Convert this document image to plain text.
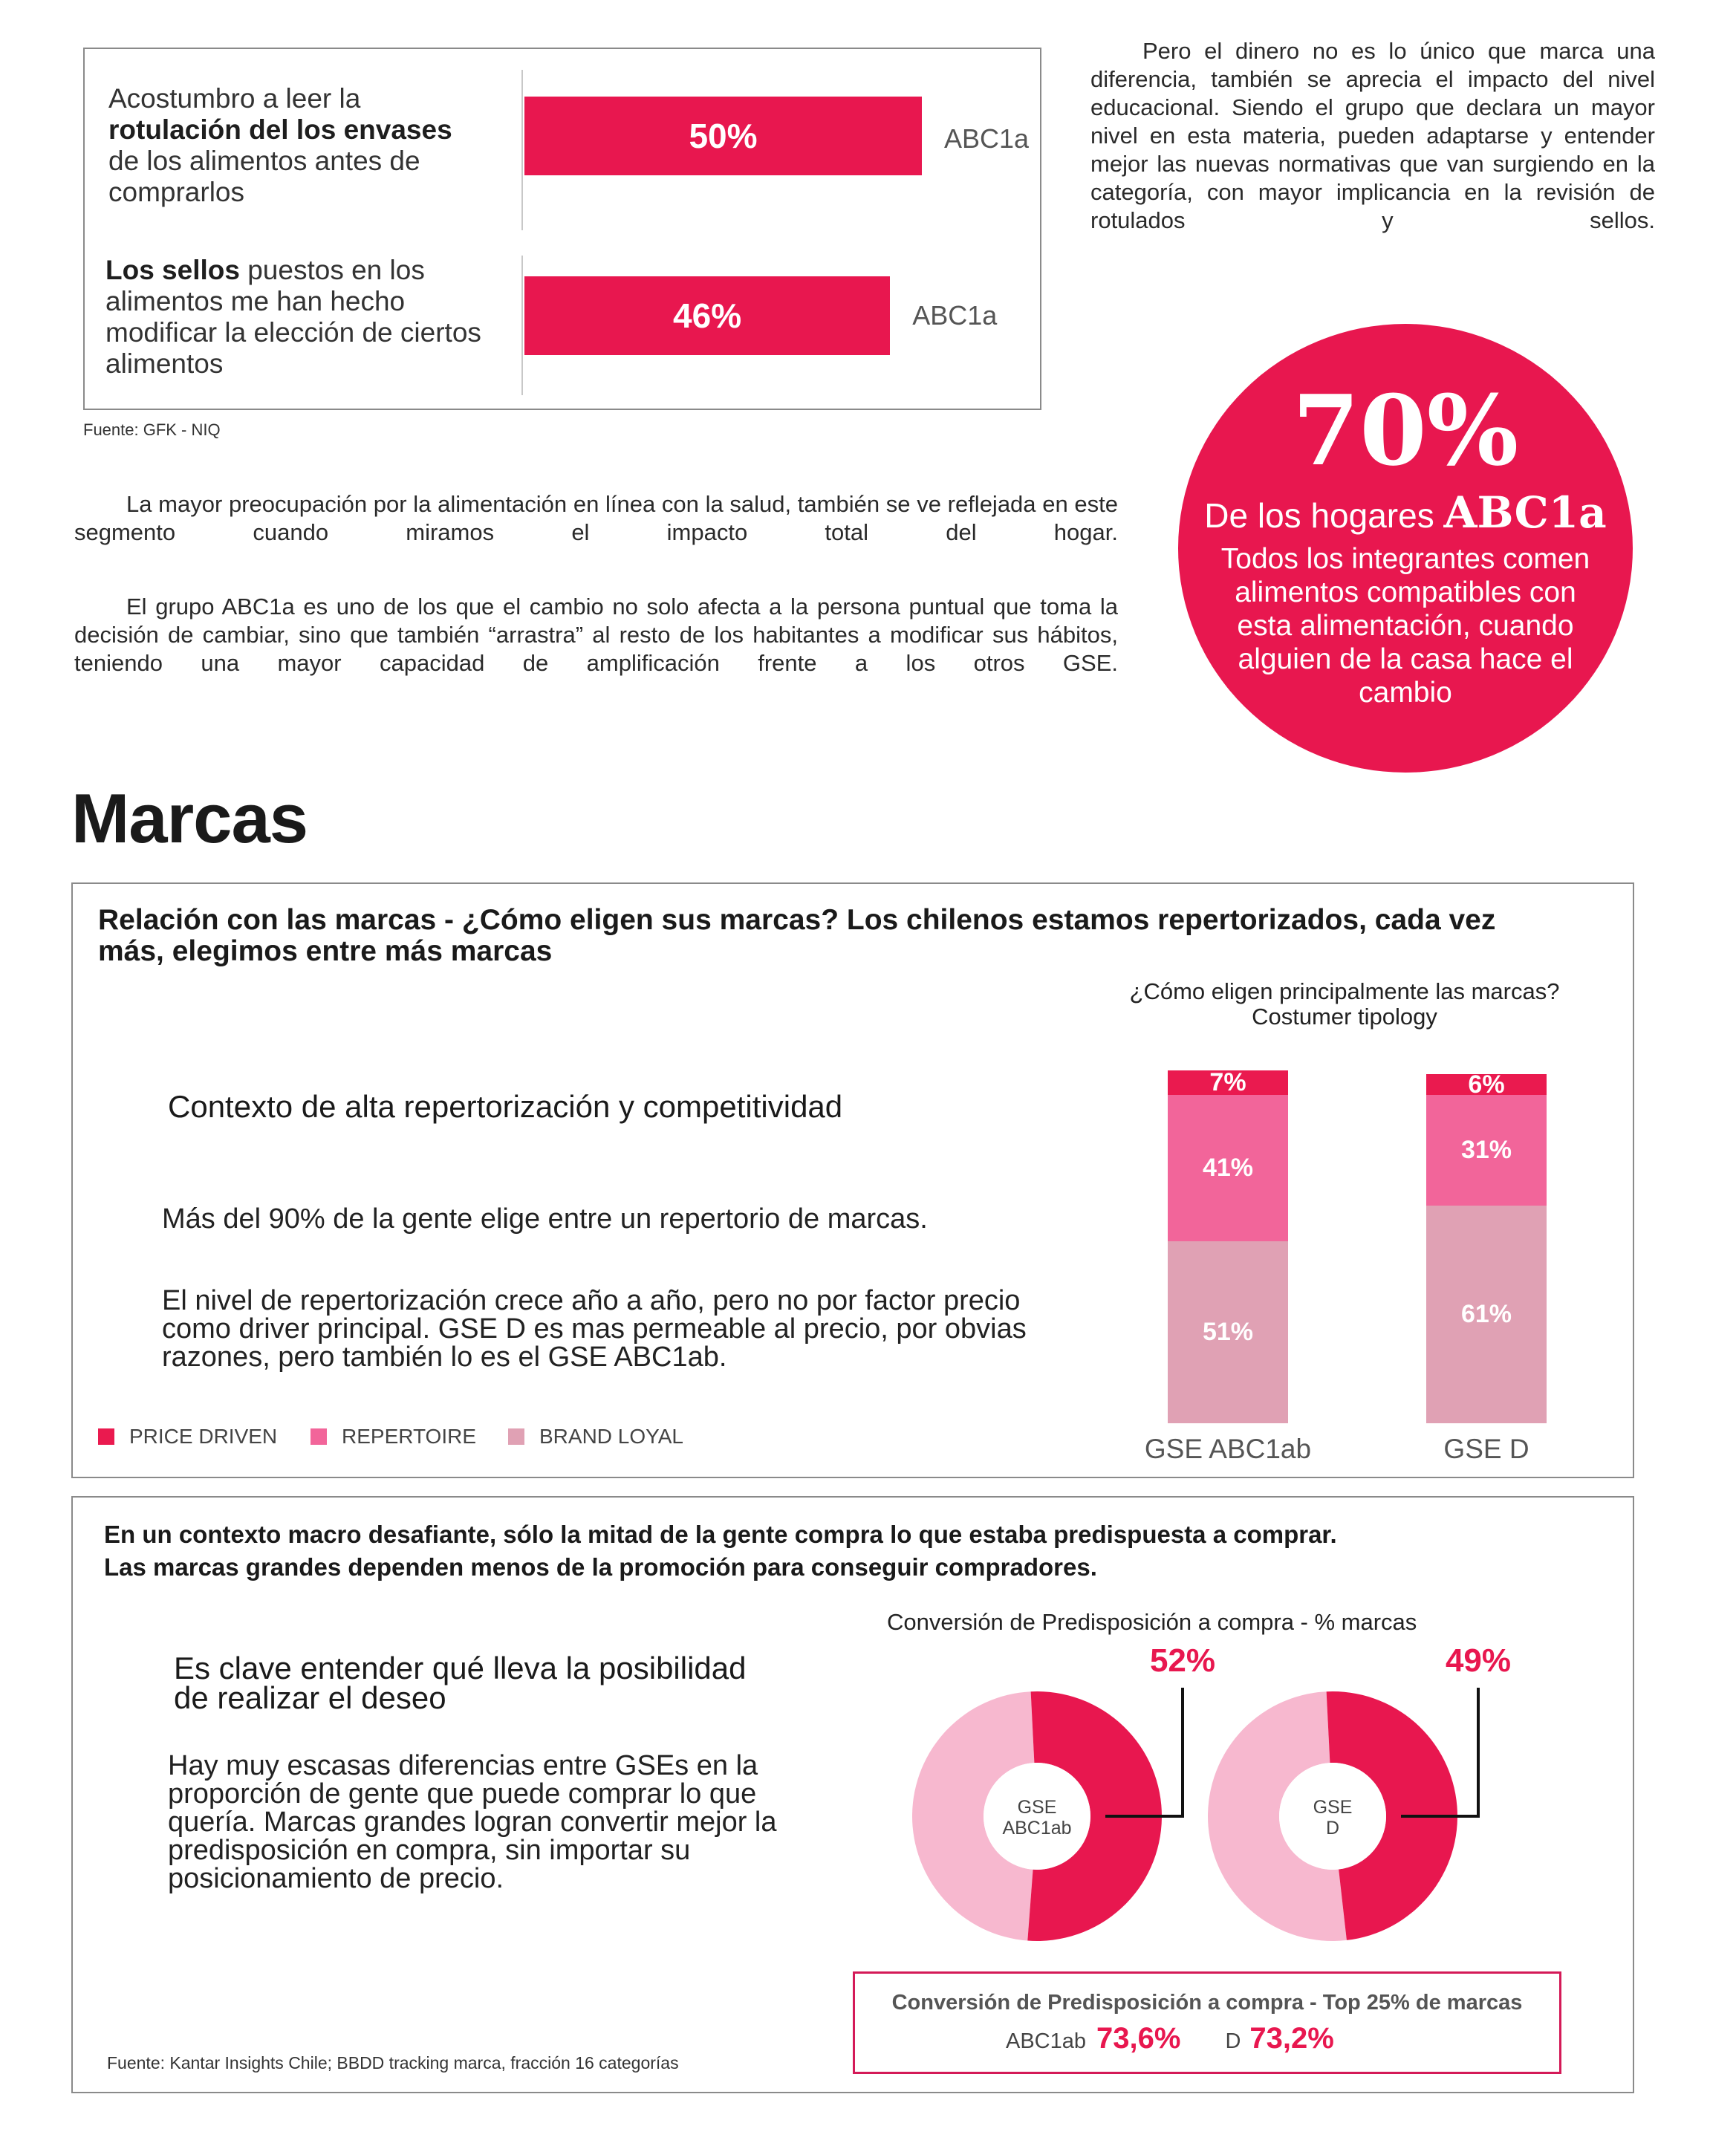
Acostumbro a leer la
rotulación del los envases
de los alimentos antes de comprarlos
50%	ABC1a
Los sellos puestos en los alimentos me han hecho modificar la elección de ciertos alimentos
46%	ABC1a
Fuente: GFK - NIQ
Pero el dinero no es lo único que marca una diferencia, también se aprecia el impacto del nivel educacional. Siendo el grupo que declara un mayor nivel en esta materia, pueden adaptarse y entender mejor las nuevas normativas que van surgiendo en la categoría, con mayor implicancia en la revisión de rotulados y sellos.
La mayor preocupación por la alimentación en línea con la salud, también se ve reflejada en este segmento cuando miramos el impacto total del hogar.
El grupo ABC1a es uno de los que el cambio no solo afecta a la persona puntual que toma la decisión de cambiar, sino que también “arrastra” al resto de los habitantes a modificar sus hábitos, teniendo una mayor capacidad de amplificación frente a los otros GSE.
70%
De los hogares ABC1a
Todos los integrantes comen alimentos compatibles con esta alimentación, cuando alguien de la casa hace el cambio
Marcas
Relación con las marcas - ¿Cómo eligen sus marcas? Los chilenos estamos repertorizados, cada vez más, elegimos entre más marcas
Contexto de alta repertorización y competitividad
Más del 90% de la gente elige entre un repertorio de marcas.
El nivel de repertorización crece año a año, pero no por factor precio como driver principal. GSE D es mas permeable al precio, por obvias razones, pero también lo es el GSE ABC1ab.
¿Cómo eligen principalmente las marcas?
Costumer tipology
51%
41%
7%
GSE ABC1ab
61%
31%
6%
GSE D
PRICE DRIVEN	REPERTOIRE	BRAND LOYAL
En un contexto macro desafiante, sólo la mitad de la gente compra lo que estaba predispuesta a comprar.
Las marcas grandes dependen menos de la promoción para conseguir compradores.
Es clave entender qué lleva la posibilidad de realizar el deseo
Hay muy escasas diferencias entre GSEs en la proporción de gente que puede comprar lo que quería. Marcas grandes logran convertir mejor la predisposición en compra, sin importar su posicionamiento de precio.
Conversión de Predisposición a compra - % marcas
GSE ABC1ab
52%
GSE D
49%
Conversión de Predisposición a compra - Top 25% de marcas
ABC1ab 73,6% D 73,2%
Fuente: Kantar Insights Chile; BBDD tracking marca, fracción 16 categorías
